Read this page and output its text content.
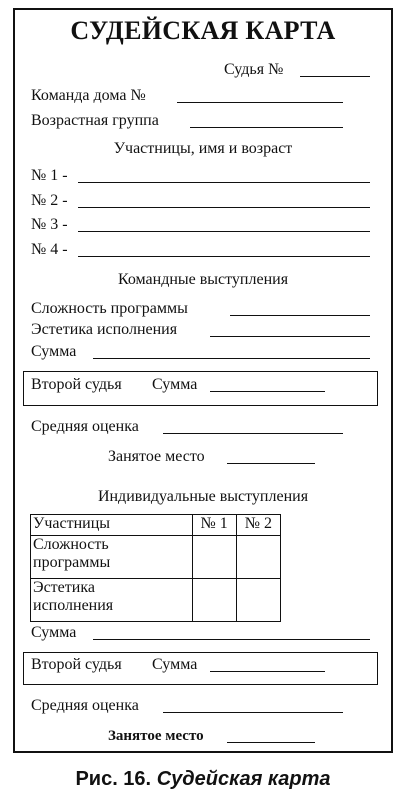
СУДЕЙСКАЯ КАРТА
Судья №
Команда дома №
Возрастная группа
Участницы, имя и возраст
№ 1 -
№ 2 -
№ 3 -
№ 4 -
Командные выступления
Сложность программы
Эстетика исполнения
Сумма
Второй судья Сумма
Средняя оценка
Занятое место
Индивидуальные выступления
Участницы	№ 1	№ 2
Сложность
программы		
Эстетика
исполнения		
Сумма
Второй судья Сумма
Средняя оценка
Занятое место
Рис. 16. Судейская карта
